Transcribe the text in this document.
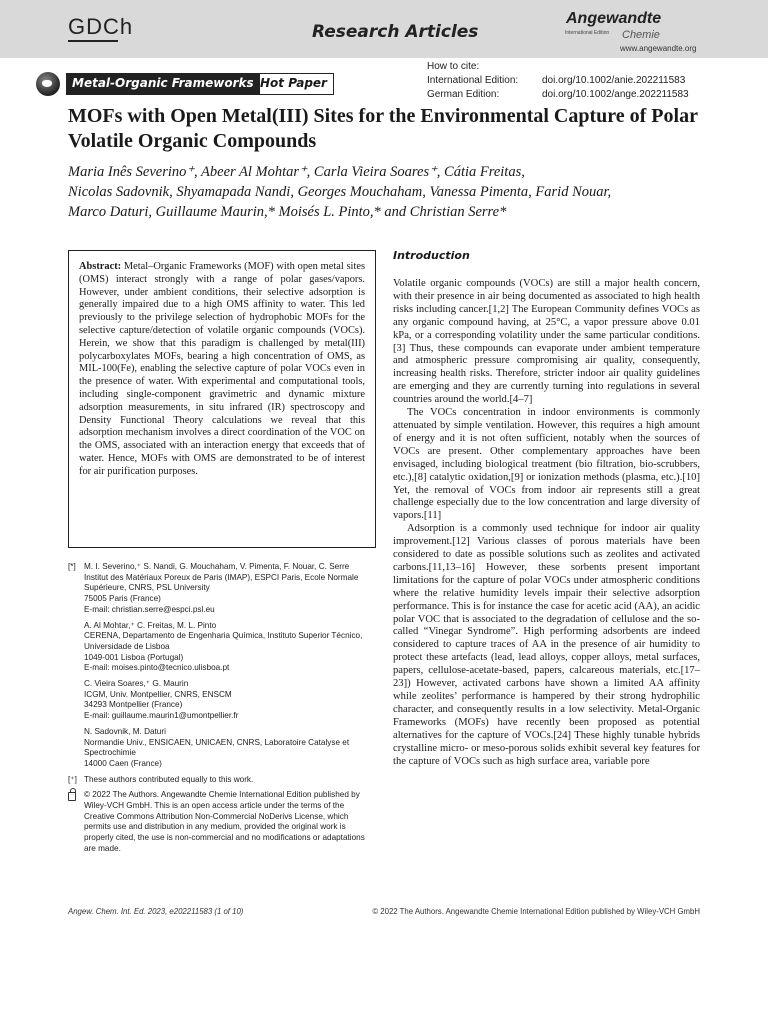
GDCh	Research Articles
Angewandte
International Edition Chemie
www.angewandte.org
Metal-Organic Frameworks Hot Paper
How to cite:
International Edition:	doi.org/10.1002/anie.202211583
German Edition:	doi.org/10.1002/ange.202211583
MOFs with Open Metal(III) Sites for the Environmental Capture of Polar Volatile Organic Compounds
Maria Inês Severino⁺, Abeer Al Mohtar⁺, Carla Vieira Soares⁺, Cátia Freitas,
Nicolas Sadovnik, Shyamapada Nandi, Georges Mouchaham, Vanessa Pimenta, Farid Nouar,
Marco Daturi, Guillaume Maurin,* Moisés L. Pinto,* and Christian Serre*

Abstract: Metal–Organic Frameworks (MOF) with open metal sites (OMS) interact strongly with a range of polar gases/vapors. However, under ambient conditions, their selective adsorption is generally impaired due to a high OMS affinity to water. This led previously to the privilege selection of hydrophobic MOFs for the selective capture/detection of volatile organic compounds (VOCs). Herein, we show that this paradigm is challenged by metal(III) polycarboxylates MOFs, bearing a high concentration of OMS, as MIL-100(Fe), enabling the selective capture of polar VOCs even in the presence of water. With experimental and computational tools, including single-component gravimetric and dynamic mixture adsorption measurements, in situ infrared (IR) spectroscopy and Density Functional Theory calculations we reveal that this adsorption mechanism involves a direct coordination of the VOC on the OMS, associated with an interaction energy that exceeds that of water. Hence, MOFs with OMS are demonstrated to be of interest for air purification purposes.

[*]	M. I. Severino,⁺ S. Nandi, G. Mouchaham, V. Pimenta, F. Nouar, C. Serre
Institut des Matériaux Poreux de Paris (IMAP), ESPCI Paris, Ecole Normale Supérieure, CNRS, PSL University
75005 Paris (France)
E-mail: christian.serre@espci.psl.eu
A. Al Mohtar,⁺ C. Freitas, M. L. Pinto
CERENA, Departamento de Engenharia Química, Instituto Superior Técnico, Universidade de Lisboa
1049-001 Lisboa (Portugal)
E-mail: moises.pinto@tecnico.ulisboa.pt
C. Vieira Soares,⁺ G. Maurin
ICGM, Univ. Montpellier, CNRS, ENSCM
34293 Montpellier (France)
E-mail: guillaume.maurin1@umontpellier.fr
N. Sadovnik, M. Daturi
Normandie Univ., ENSICAEN, UNICAEN, CNRS, Laboratoire Catalyse et Spectrochimie
14000 Caen (France)
[⁺] These authors contributed equally to this work.
© 2022 The Authors. Angewandte Chemie International Edition published by Wiley-VCH GmbH. This is an open access article under the terms of the Creative Commons Attribution Non-Commercial NoDerivs License, which permits use and distribution in any medium, provided the original work is properly cited, the use is non-commercial and no modifications or adaptations are made.
Introduction

Volatile organic compounds (VOCs) are still a major health concern, with their presence in air being documented as associated to high health risks including cancer.[1,2] The European Community defines VOCs as any organic compound having, at 25°C, a vapor pressure above 0.01 kPa, or a corresponding volatility under the same particular conditions.[3] Thus, these compounds can evaporate under ambient temperature and atmospheric pressure compromising air quality, consequently, increasing health risks. Therefore, stricter indoor air quality guidelines are emerging and they are currently turning into regulations in several countries around the world.[4–7]

The VOCs concentration in indoor environments is commonly attenuated by simple ventilation. However, this requires a high amount of energy and it is not often sufficient, notably when the sources of VOCs are present. Other complementary approaches have been envisaged, including biological treatment (bio filtration, bio-scrubbers, etc.),[8] catalytic oxidation,[9] or ionization methods (plasma, etc.).[10] Yet, the removal of VOCs from indoor air represents still a great challenge especially due to the low concentration and large diversity of vapors.[11]

Adsorption is a commonly used technique for indoor air quality improvement.[12] Various classes of porous materials have been considered to date as possible solutions such as zeolites and activated carbons.[11,13–16] However, these sorbents present important limitations for the capture of polar VOCs under atmospheric conditions where the relative humidity levels impair their selective adsorption performance. This is for instance the case for acetic acid (AA), an acidic polar VOC that is associated to the degradation of cellulose and the so-called “Vinegar Syndrome”. High performing adsorbents are indeed considered to capture traces of AA in the presence of air humidity to protect these artefacts (lead, lead alloys, copper alloys, metal surfaces, papers, cellulose-acetate-based, papers, calcareous materials, etc.[17–23]) However, activated carbons have shown a limited AA affinity while zeolites’ performance is hampered by their strong hydrophilic character, and consequently results in a low selectivity. Metal-Organic Frameworks (MOFs) have recently been proposed as potential alternatives for the capture of VOCs.[24] These highly tunable hybrids crystalline micro- or meso-porous solids exhibit several key features for the capture of VOCs such as high surface area, variable pore

Angew. Chem. Int. Ed. 2023, e202211583 (1 of 10)	© 2022 The Authors. Angewandte Chemie International Edition published by Wiley-VCH GmbH
